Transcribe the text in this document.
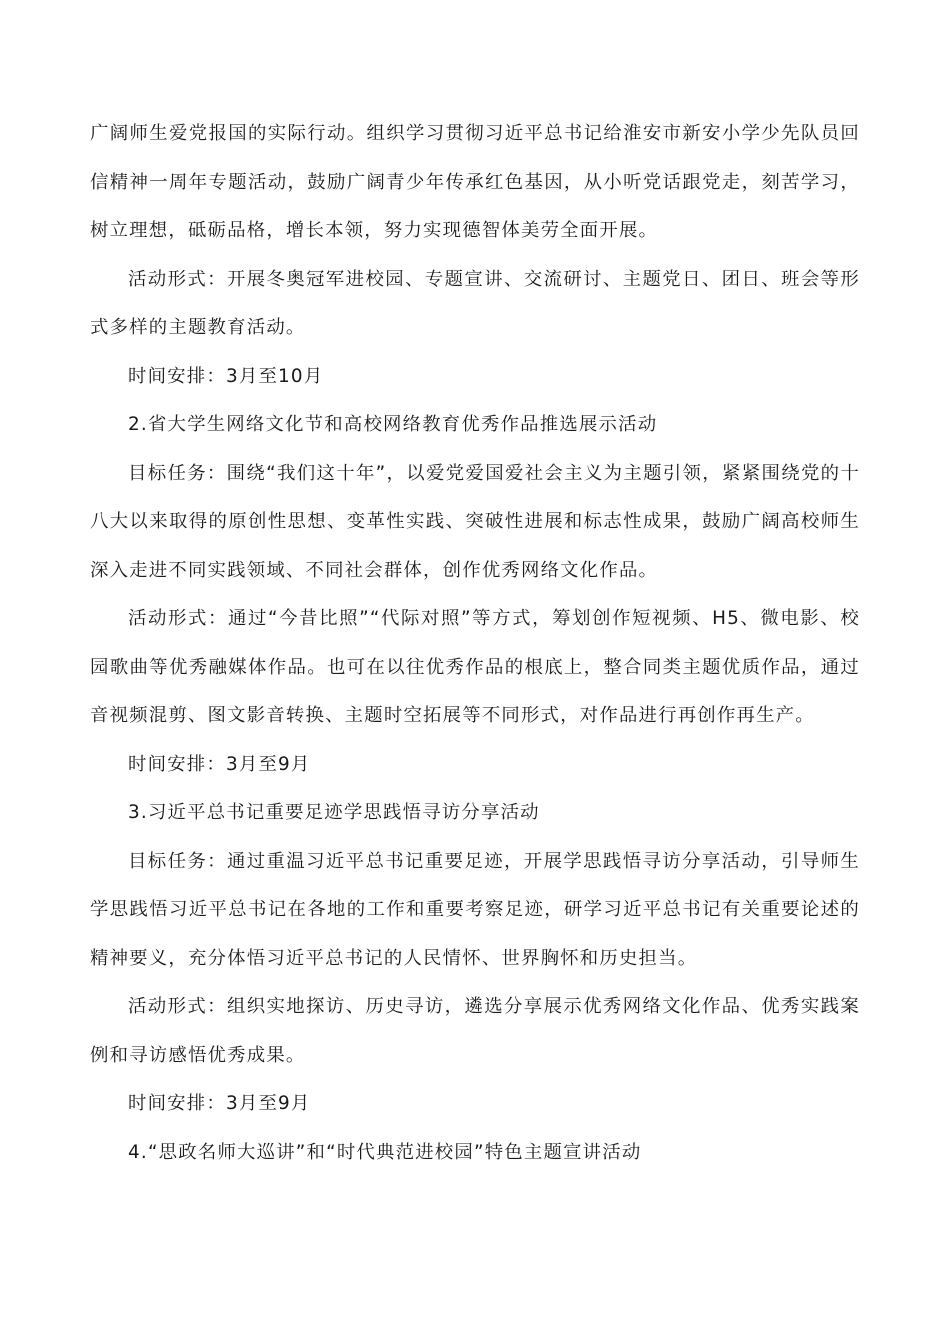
广阔师生爱党报国的实际行动。组织学习贯彻习近平总书记给淮安市新安小学少先队员回信精神一周年专题活动，鼓励广阔青少年传承红色基因，从小听党话跟党走，刻苦学习，树立理想，砥砺品格，增长本领，努力实现德智体美劳全面开展。

活动形式：开展冬奥冠军进校园、专题宣讲、交流研讨、主题党日、团日、班会等形式多样的主题教育活动。

时间安排：3月至10月

2.省大学生网络文化节和高校网络教育优秀作品推选展示活动

目标任务：围绕“我们这十年”，以爱党爱国爱社会主义为主题引领，紧紧围绕党的十八大以来取得的原创性思想、变革性实践、突破性进展和标志性成果，鼓励广阔高校师生深入走进不同实践领域、不同社会群体，创作优秀网络文化作品。

活动形式：通过“今昔比照”“代际对照”等方式，筹划创作短视频、H5、微电影、校园歌曲等优秀融媒体作品。也可在以往优秀作品的根底上，整合同类主题优质作品，通过音视频混剪、图文影音转换、主题时空拓展等不同形式，对作品进行再创作再生产。

时间安排：3月至9月

3.习近平总书记重要足迹学思践悟寻访分享活动

目标任务：通过重温习近平总书记重要足迹，开展学思践悟寻访分享活动，引导师生学思践悟习近平总书记在各地的工作和重要考察足迹，研学习近平总书记有关重要论述的精神要义，充分体悟习近平总书记的人民情怀、世界胸怀和历史担当。

活动形式：组织实地探访、历史寻访，遴选分享展示优秀网络文化作品、优秀实践案例和寻访感悟优秀成果。

时间安排：3月至9月

4.“思政名师大巡讲”和“时代典范进校园”特色主题宣讲活动
